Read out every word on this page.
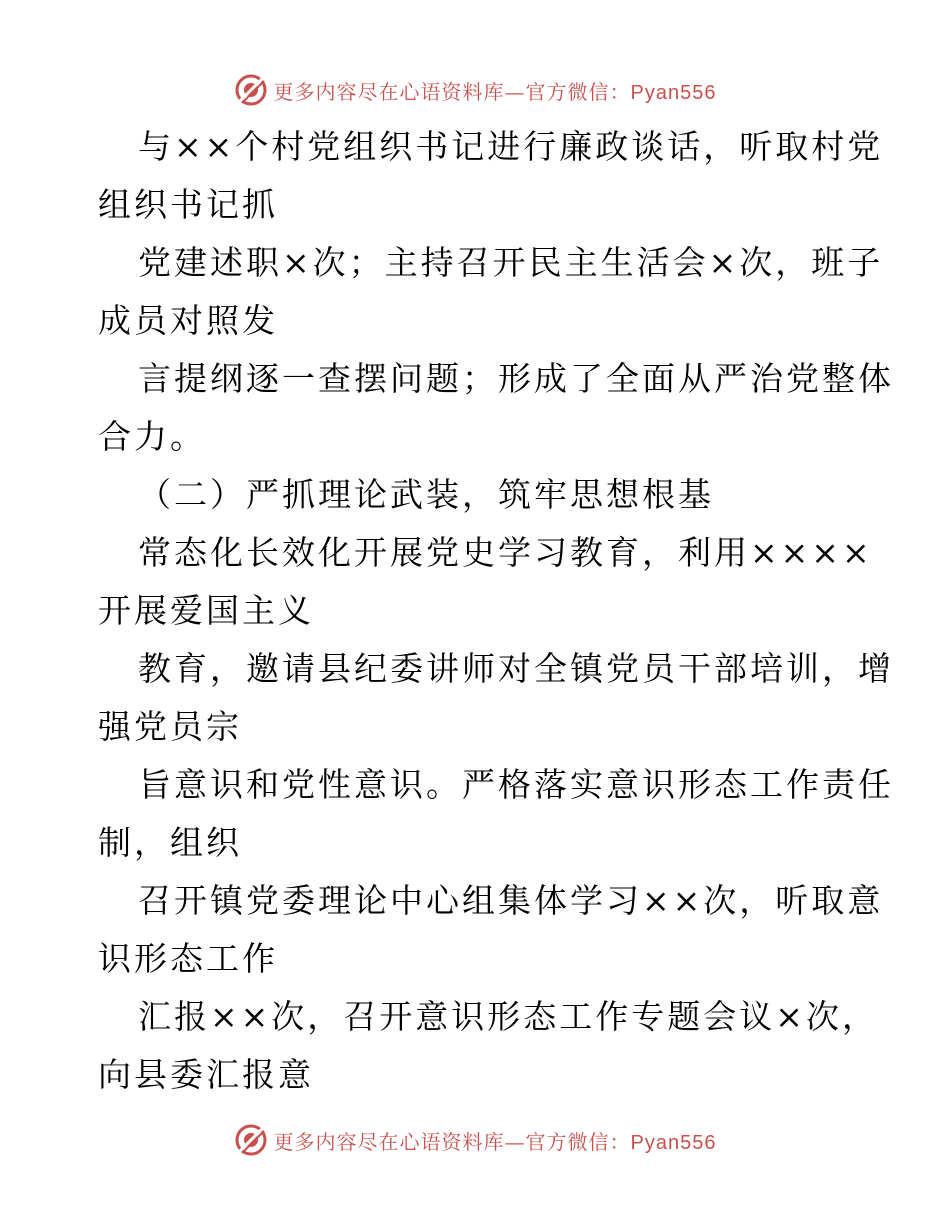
更多内容尽在心语资料库—官方微信：Pyan556
与××个村党组织书记进行廉政谈话，听取村党
组织书记抓
党建述职×次；主持召开民主生活会×次，班子
成员对照发
言提纲逐一查摆问题；形成了全面从严治党整体
合力。
（二）严抓理论武装，筑牢思想根基
常态化长效化开展党史学习教育，利用××××
开展爱国主义
教育，邀请县纪委讲师对全镇党员干部培训，增
强党员宗
旨意识和党性意识。严格落实意识形态工作责任
制，组织
召开镇党委理论中心组集体学习××次，听取意
识形态工作
汇报××次，召开意识形态工作专题会议×次，
向县委汇报意
更多内容尽在心语资料库—官方微信：Pyan556
